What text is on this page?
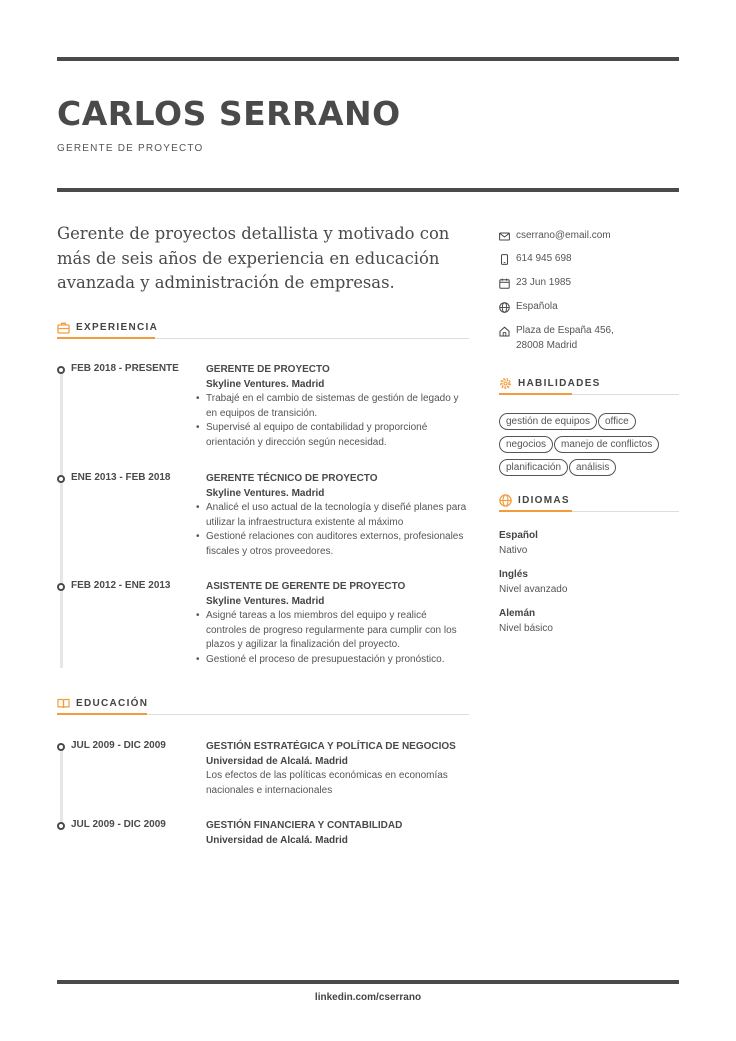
CARLOS SERRANO
GERENTE DE PROYECTO
Gerente de proyectos detallista y motivado con más de seis años de experiencia en educación avanzada y administración de empresas.
EXPERIENCIA
FEB 2018 - PRESENTE	GERENTE DE PROYECTO
Skyline Ventures. Madrid
• Trabajé en el cambio de sistemas de gestión de legado y en equipos de transición.
• Supervisé al equipo de contabilidad y proporcioné orientación y dirección según necesidad.
ENE 2013 - FEB 2018	GERENTE TÉCNICO DE PROYECTO
Skyline Ventures. Madrid
• Analicé el uso actual de la tecnología y diseñé planes para utilizar la infraestructura existente al máximo
• Gestioné relaciones con auditores externos, profesionales fiscales y otros proveedores.
FEB 2012 - ENE 2013	ASISTENTE DE GERENTE DE PROYECTO
Skyline Ventures. Madrid
• Asigné tareas a los miembros del equipo y realicé controles de progreso regularmente para cumplir con los plazos y agilizar la finalización del proyecto.
• Gestioné el proceso de presupuestación y pronóstico.
EDUCACIÓN
JUL 2009 - DIC 2009	GESTIÓN ESTRATÉGICA Y POLÍTICA DE NEGOCIOS
Universidad de Alcalá. Madrid
Los efectos de las políticas económicas en economías nacionales e internacionales
JUL 2009 - DIC 2009	GESTIÓN FINANCIERA Y CONTABILIDAD
Universidad de Alcalá. Madrid
cserrano@email.com
614 945 698
23 Jun 1985
Española
Plaza de España 456, 28008 Madrid
HABILIDADES
gestión de equipos office
negocios manejo de conflictos
planificación análisis
IDIOMAS
Español
Nativo
Inglés
Nivel avanzado
Alemán
Nivel básico
linkedin.com/cserrano
